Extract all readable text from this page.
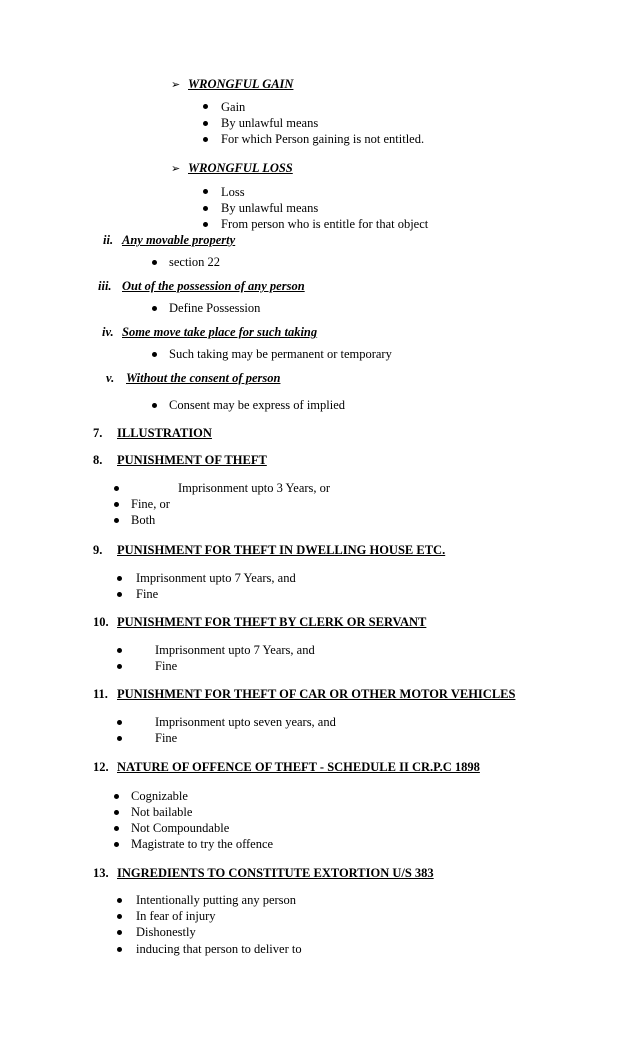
➢ WRONGFUL GAIN
Gain
By unlawful means
For which Person gaining is not entitled.
➢ WRONGFUL LOSS
Loss
By unlawful means
From person who is entitle for that object
ii. Any movable property
section 22
iii. Out of the possession of any person
Define Possession
iv. Some move take place for such taking
Such taking may be permanent or temporary
v. Without the consent of person
Consent may be express of implied
7. ILLUSTRATION
8. PUNISHMENT OF THEFT
Imprisonment upto 3 Years, or
Fine, or
Both
9. PUNISHMENT FOR THEFT IN DWELLING HOUSE ETC.
Imprisonment upto 7 Years, and
Fine
10. PUNISHMENT FOR THEFT BY CLERK OR SERVANT
Imprisonment upto 7 Years, and
Fine
11. PUNISHMENT FOR THEFT OF CAR OR OTHER MOTOR VEHICLES
Imprisonment upto seven years, and
Fine
12. NATURE OF OFFENCE OF THEFT - SCHEDULE II CR.P.C 1898
Cognizable
Not bailable
Not Compoundable
Magistrate to try the offence
13. INGREDIENTS TO CONSTITUTE EXTORTION U/S 383
Intentionally putting any person
In fear of injury
Dishonestly
inducing that person to deliver to
